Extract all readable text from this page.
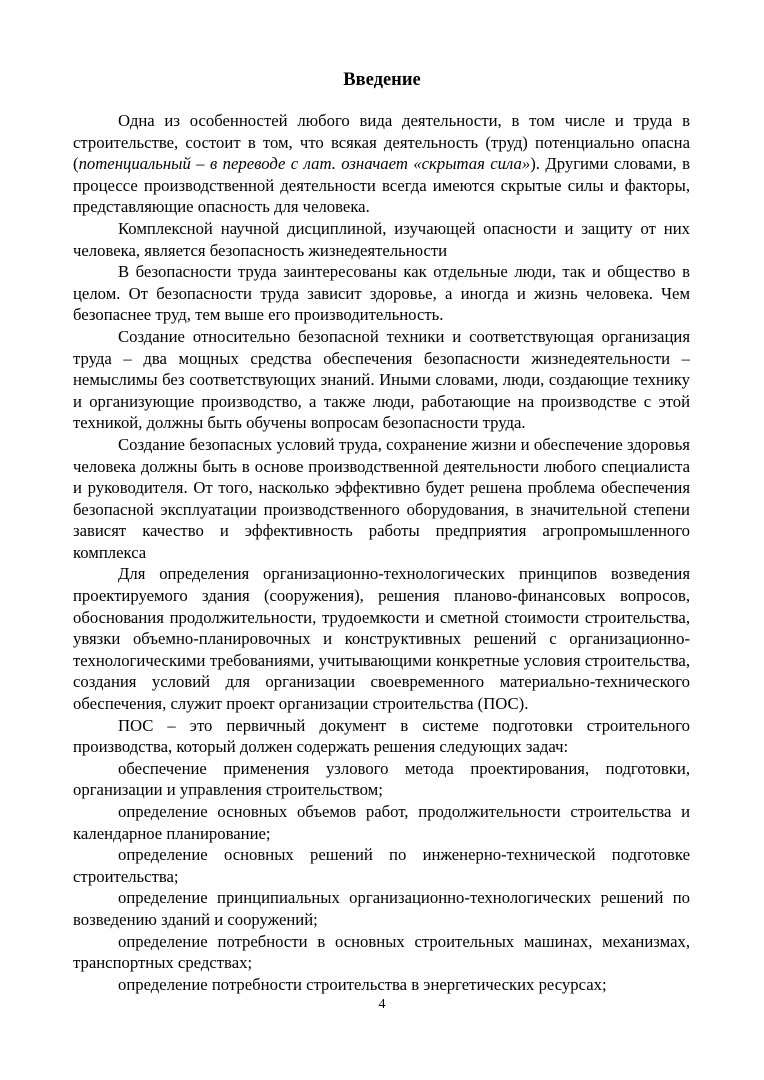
Введение

Одна из особенностей любого вида деятельности, в том числе и труда в строительстве, состоит в том, что всякая деятельность (труд) потенциально опасна (потенциальный – в переводе с лат. означает «скрытая сила»). Другими словами, в процессе производственной деятельности всегда имеются скрытые силы и факторы, представляющие опасность для человека.

Комплексной научной дисциплиной, изучающей опасности и защиту от них человека, является безопасность жизнедеятельности

В безопасности труда заинтересованы как отдельные люди, так и общество в целом. От безопасности труда зависит здоровье, а иногда и жизнь человека. Чем безопаснее труд, тем выше его производительность.

Создание относительно безопасной техники и соответствующая организация труда – два мощных средства обеспечения безопасности жизнедеятельности – немыслимы без соответствующих знаний. Иными словами, люди, создающие технику и организующие производство, а также люди, работающие на производстве с этой техникой, должны быть обучены вопросам безопасности труда.

Создание безопасных условий труда, сохранение жизни и обеспечение здоровья человека должны быть в основе производственной деятельности любого специалиста и руководителя. От того, насколько эффективно будет решена проблема обеспечения безопасной эксплуатации производственного оборудования, в значительной степени зависят качество и эффективность работы предприятия агропромышленного комплекса

Для определения организационно-технологических принципов возведения проектируемого здания (сооружения), решения планово-финансовых вопросов, обоснования продолжительности, трудоемкости и сметной стоимости строительства, увязки объемно-планировочных и конструктивных решений с организационно-технологическими требованиями, учитывающими конкретные условия строительства, создания условий для организации своевременного материально-технического обеспечения, служит проект организации строительства (ПОС).

ПОС – это первичный документ в системе подготовки строительного производства, который должен содержать решения следующих задач:

обеспечение применения узлового метода проектирования, подготовки, организации и управления строительством;

определение основных объемов работ, продолжительности строительства и календарное планирование;

определение основных решений по инженерно-технической подготовке строительства;

определение принципиальных организационно-технологических решений по возведению зданий и сооружений;

определение потребности в основных строительных машинах, механизмах, транспортных средствах;

определение потребности строительства в энергетических ресурсах;

4
